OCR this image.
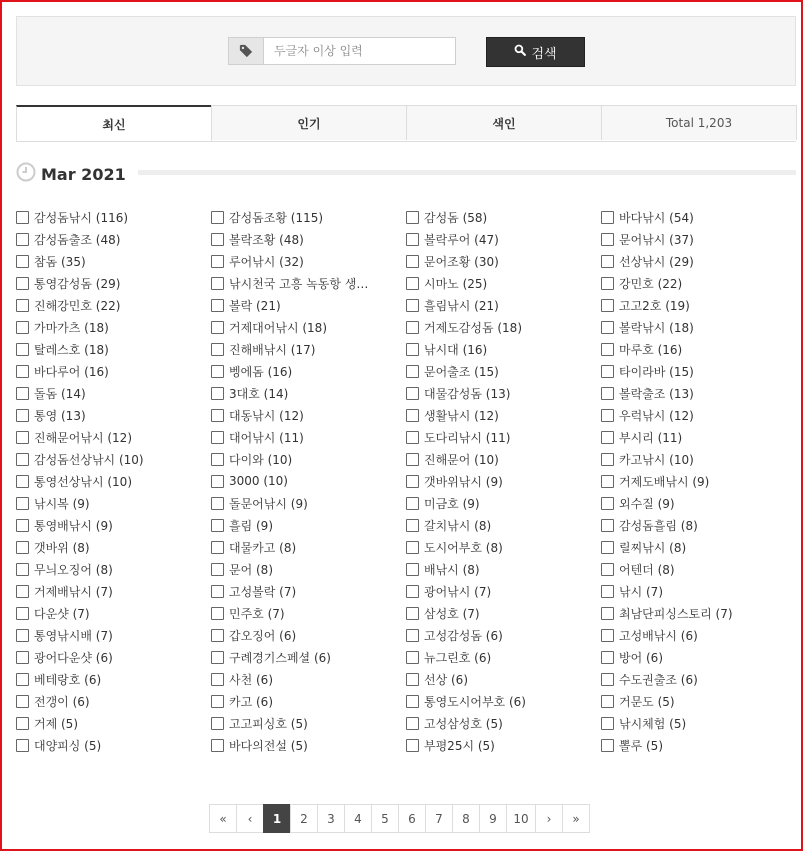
두글자 이상 입력
검색
최신	인기	색인	Total 1,203
Mar 2021
감성돔낚시 (116)	감성돔조황 (115)	감성돔 (58)	바다낚시 (54)
감성돔출조 (48)	볼락조황 (48)	볼락루어 (47)	문어낚시 (37)
참돔 (35)	루어낚시 (32)	문어조황 (30)	선상낚시 (29)
통영감성돔 (29)	낚시천국 고흥 녹동항 생…	시마노 (25)	강민호 (22)
진해강민호 (22)	볼락 (21)	흘림낚시 (21)	고고2호 (19)
가마가츠 (18)	거제대어낚시 (18)	거제도감성돔 (18)	볼락낚시 (18)
탈레스호 (18)	진해배낚시 (17)	낚시대 (16)	마루호 (16)
바다루어 (16)	벵에돔 (16)	문어출조 (15)	타이라바 (15)
돌돔 (14)	3대호 (14)	대물감성돔 (13)	볼락출조 (13)
통영 (13)	대동낚시 (12)	생활낚시 (12)	우럭낚시 (12)
진해문어낚시 (12)	대어낚시 (11)	도다리낚시 (11)	부시리 (11)
감성돔선상낚시 (10)	다이와 (10)	진해문어 (10)	카고낚시 (10)
통영선상낚시 (10)	3000 (10)	갯바위낚시 (9)	거제도배낚시 (9)
낚시복 (9)	돌문어낚시 (9)	미금호 (9)	외수질 (9)
통영배낚시 (9)	흘림 (9)	갈치낚시 (8)	감성돔흘림 (8)
갯바위 (8)	대물카고 (8)	도시어부호 (8)	릴찌낚시 (8)
무늬오징어 (8)	문어 (8)	배낚시 (8)	어텐더 (8)
거제배낚시 (7)	고성볼락 (7)	광어낚시 (7)	낚시 (7)
다운샷 (7)	민주호 (7)	삼성호 (7)	최남단피싱스토리 (7)
통영낚시배 (7)	갑오징어 (6)	고성감성돔 (6)	고성배낚시 (6)
광어다운샷 (6)	구례경기스페셜 (6)	뉴그린호 (6)	방어 (6)
베테랑호 (6)	사천 (6)	선상 (6)	수도권출조 (6)
전갱이 (6)	카고 (6)	통영도시어부호 (6)	거문도 (5)
거제 (5)	고고피싱호 (5)	고성삼성호 (5)	낚시체험 (5)
대양피싱 (5)	바다의전설 (5)	부평25시 (5)	뽈루 (5)
«	‹	1	2	3	4	5	6	7	8	9	10	›	»
